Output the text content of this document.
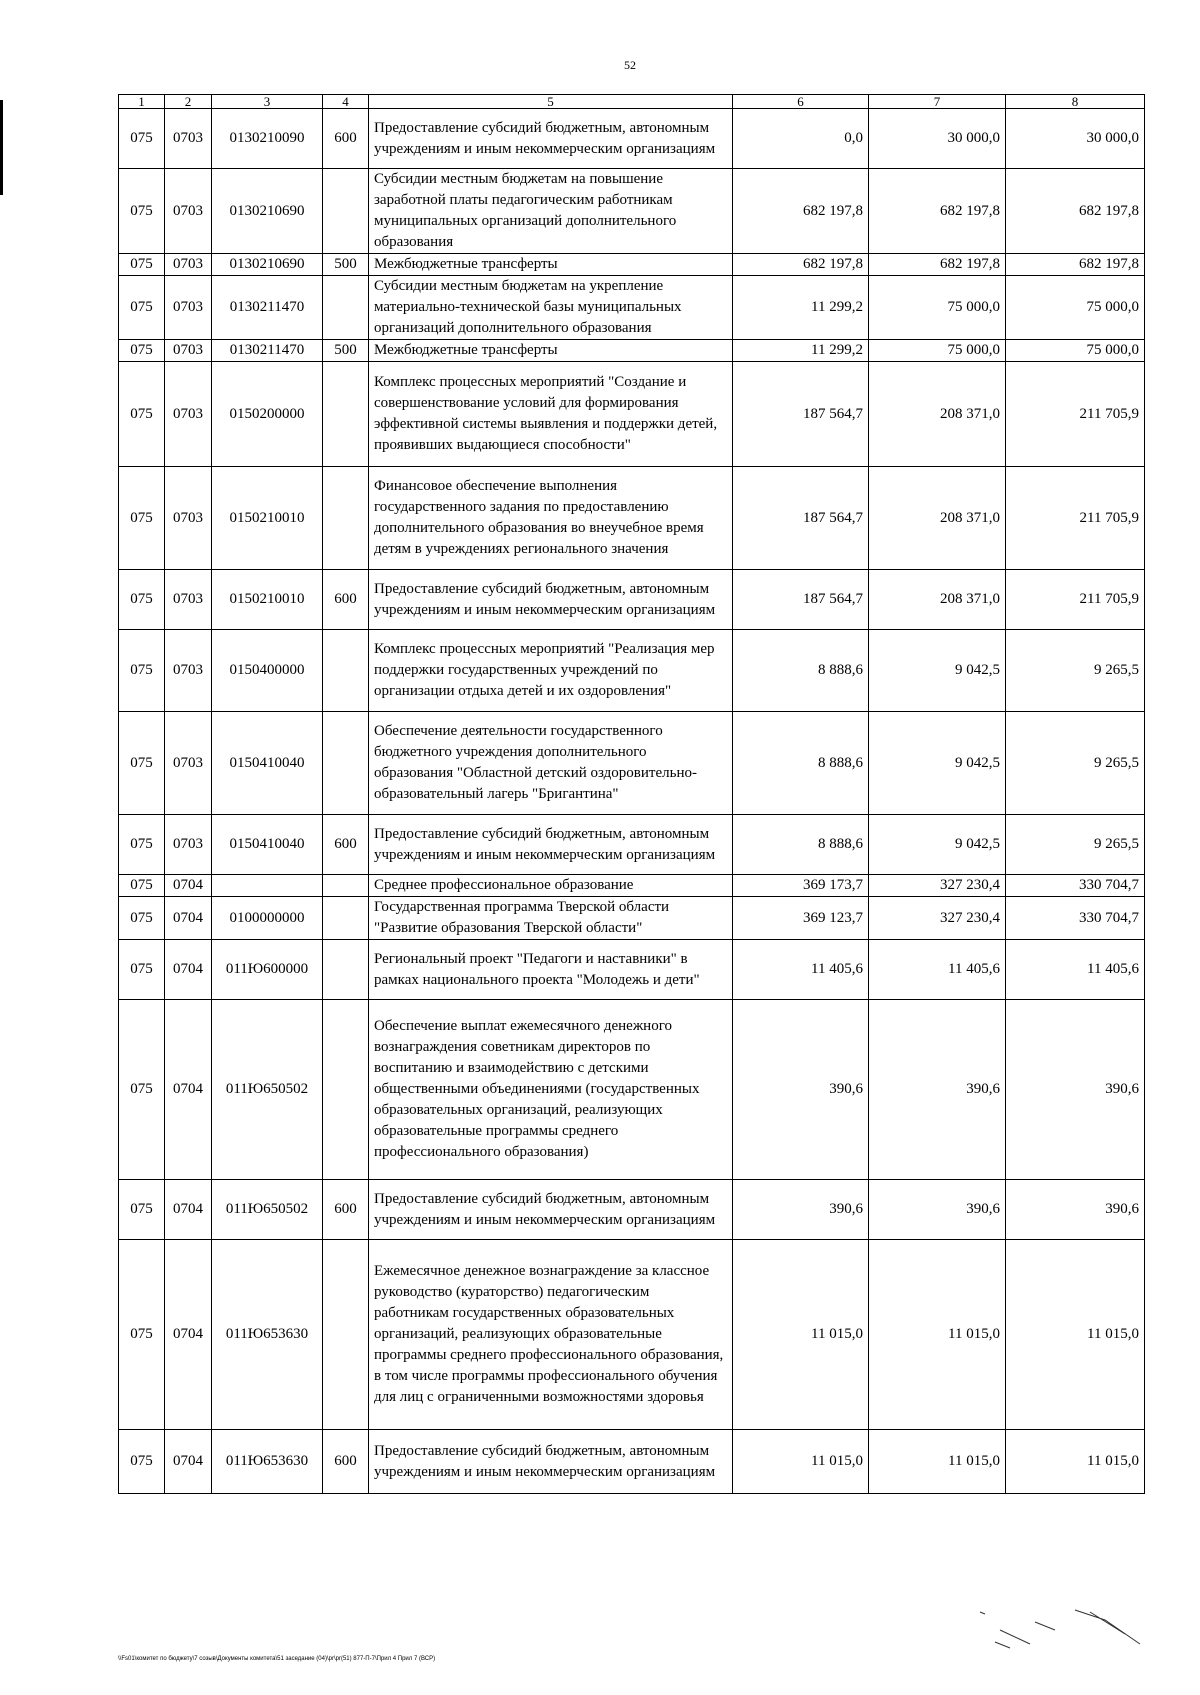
52
1	2	3	4	5	6	7	8
075	0703	0130210090	600	Предоставление субсидий бюджетным, автономным учреждениям и иным некоммерческим организациям	0,0	30 000,0	30 000,0
075	0703	0130210690		Субсидии местным бюджетам на повышение заработной платы педагогическим работникам муниципальных организаций дополнительного образования	682 197,8	682 197,8	682 197,8
075	0703	0130210690	500	Межбюджетные трансферты	682 197,8	682 197,8	682 197,8
075	0703	0130211470		Субсидии местным бюджетам на укрепление материально-технической базы муниципальных организаций дополнительного образования	11 299,2	75 000,0	75 000,0
075	0703	0130211470	500	Межбюджетные трансферты	11 299,2	75 000,0	75 000,0
075	0703	0150200000		Комплекс процессных мероприятий "Создание и совершенствование условий для формирования эффективной системы выявления и поддержки детей, проявивших выдающиеся способности"	187 564,7	208 371,0	211 705,9
075	0703	0150210010		Финансовое обеспечение выполнения государственного задания по предоставлению дополнительного образования во внеучебное время детям в учреждениях регионального значения	187 564,7	208 371,0	211 705,9
075	0703	0150210010	600	Предоставление субсидий бюджетным, автономным учреждениям и иным некоммерческим организациям	187 564,7	208 371,0	211 705,9
075	0703	0150400000		Комплекс процессных мероприятий "Реализация мер поддержки государственных учреждений по организации отдыха детей и их оздоровления"	8 888,6	9 042,5	9 265,5
075	0703	0150410040		Обеспечение деятельности государственного бюджетного учреждения дополнительного образования "Областной детский оздоровительно-образовательный лагерь "Бригантина"	8 888,6	9 042,5	9 265,5
075	0703	0150410040	600	Предоставление субсидий бюджетным, автономным учреждениям и иным некоммерческим организациям	8 888,6	9 042,5	9 265,5
075	0704			Среднее профессиональное образование	369 173,7	327 230,4	330 704,7
075	0704	0100000000		Государственная программа Тверской области "Развитие образования Тверской области"	369 123,7	327 230,4	330 704,7
075	0704	011Ю600000		Региональный проект "Педагоги и наставники" в рамках национального проекта "Молодежь и дети"	11 405,6	11 405,6	11 405,6
075	0704	011Ю650502		Обеспечение выплат ежемесячного денежного вознаграждения советникам директоров по воспитанию и взаимодействию с детскими общественными объединениями (государственных образовательных организаций, реализующих образовательные программы среднего профессионального образования)	390,6	390,6	390,6
075	0704	011Ю650502	600	Предоставление субсидий бюджетным, автономным учреждениям и иным некоммерческим организациям	390,6	390,6	390,6
075	0704	011Ю653630		Ежемесячное денежное вознаграждение за классное руководство (кураторство) педагогическим работникам государственных образовательных организаций, реализующих образовательные программы среднего профессионального образования, в том числе программы профессионального обучения для лиц с ограниченными возможностями здоровья	11 015,0	11 015,0	11 015,0
075	0704	011Ю653630	600	Предоставление субсидий бюджетным, автономным учреждениям и иным некоммерческим организациям	11 015,0	11 015,0	11 015,0
\\Fs01\комитет по бюджету\7 созыв\Документы комитета\51 заседание (04)\pr\pr(51) 877-П-7\Прил 4 Прил 7 (ВСР)
